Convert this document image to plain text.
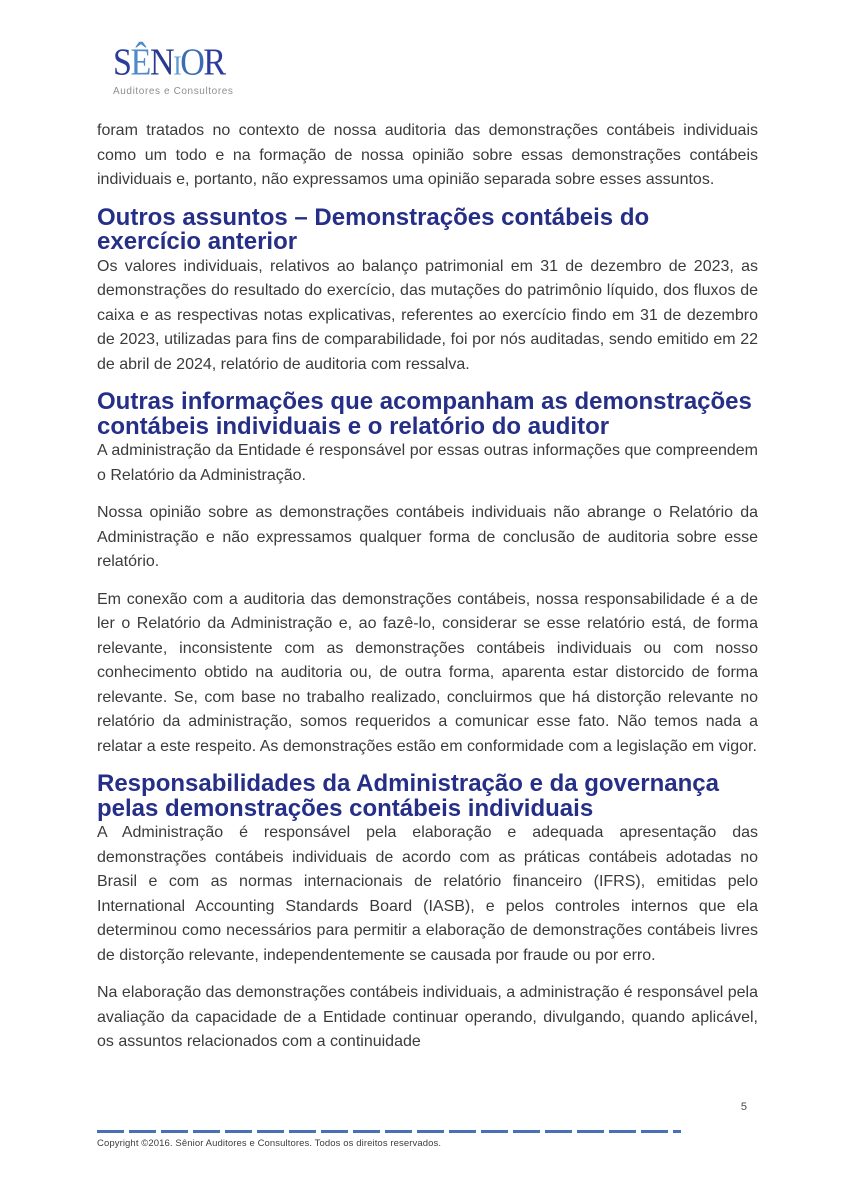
SÊNIOR
Auditores e Consultores

foram tratados no contexto de nossa auditoria das demonstrações contábeis individuais como um todo e na formação de nossa opinião sobre essas demonstrações contábeis individuais e, portanto, não expressamos uma opinião separada sobre esses assuntos.

Outros assuntos – Demonstrações contábeis do exercício anterior

Os valores individuais, relativos ao balanço patrimonial em 31 de dezembro de 2023, as demonstrações do resultado do exercício, das mutações do patrimônio líquido, dos fluxos de caixa e as respectivas notas explicativas, referentes ao exercício findo em 31 de dezembro de 2023, utilizadas para fins de comparabilidade, foi por nós auditadas, sendo emitido em 22 de abril de 2024, relatório de auditoria com ressalva.

Outras informações que acompanham as demonstrações contábeis individuais e o relatório do auditor

A administração da Entidade é responsável por essas outras informações que compreendem o Relatório da Administração.

Nossa opinião sobre as demonstrações contábeis individuais não abrange o Relatório da Administração e não expressamos qualquer forma de conclusão de auditoria sobre esse relatório.

Em conexão com a auditoria das demonstrações contábeis, nossa responsabilidade é a de ler o Relatório da Administração e, ao fazê-lo, considerar se esse relatório está, de forma relevante, inconsistente com as demonstrações contábeis individuais ou com nosso conhecimento obtido na auditoria ou, de outra forma, aparenta estar distorcido de forma relevante. Se, com base no trabalho realizado, concluirmos que há distorção relevante no relatório da administração, somos requeridos a comunicar esse fato. Não temos nada a relatar a este respeito. As demonstrações estão em conformidade com a legislação em vigor.

Responsabilidades da Administração e da governança pelas demonstrações contábeis individuais

A Administração é responsável pela elaboração e adequada apresentação das demonstrações contábeis individuais de acordo com as práticas contábeis adotadas no Brasil e com as normas internacionais de relatório financeiro (IFRS), emitidas pelo International Accounting Standards Board (IASB), e pelos controles internos que ela determinou como necessários para permitir a elaboração de demonstrações contábeis livres de distorção relevante, independentemente se causada por fraude ou por erro.

Na elaboração das demonstrações contábeis individuais, a administração é responsável pela avaliação da capacidade de a Entidade continuar operando, divulgando, quando aplicável, os assuntos relacionados com a continuidade

5
Copyright ©2016. Sênior Auditores e Consultores. Todos os direitos reservados.
